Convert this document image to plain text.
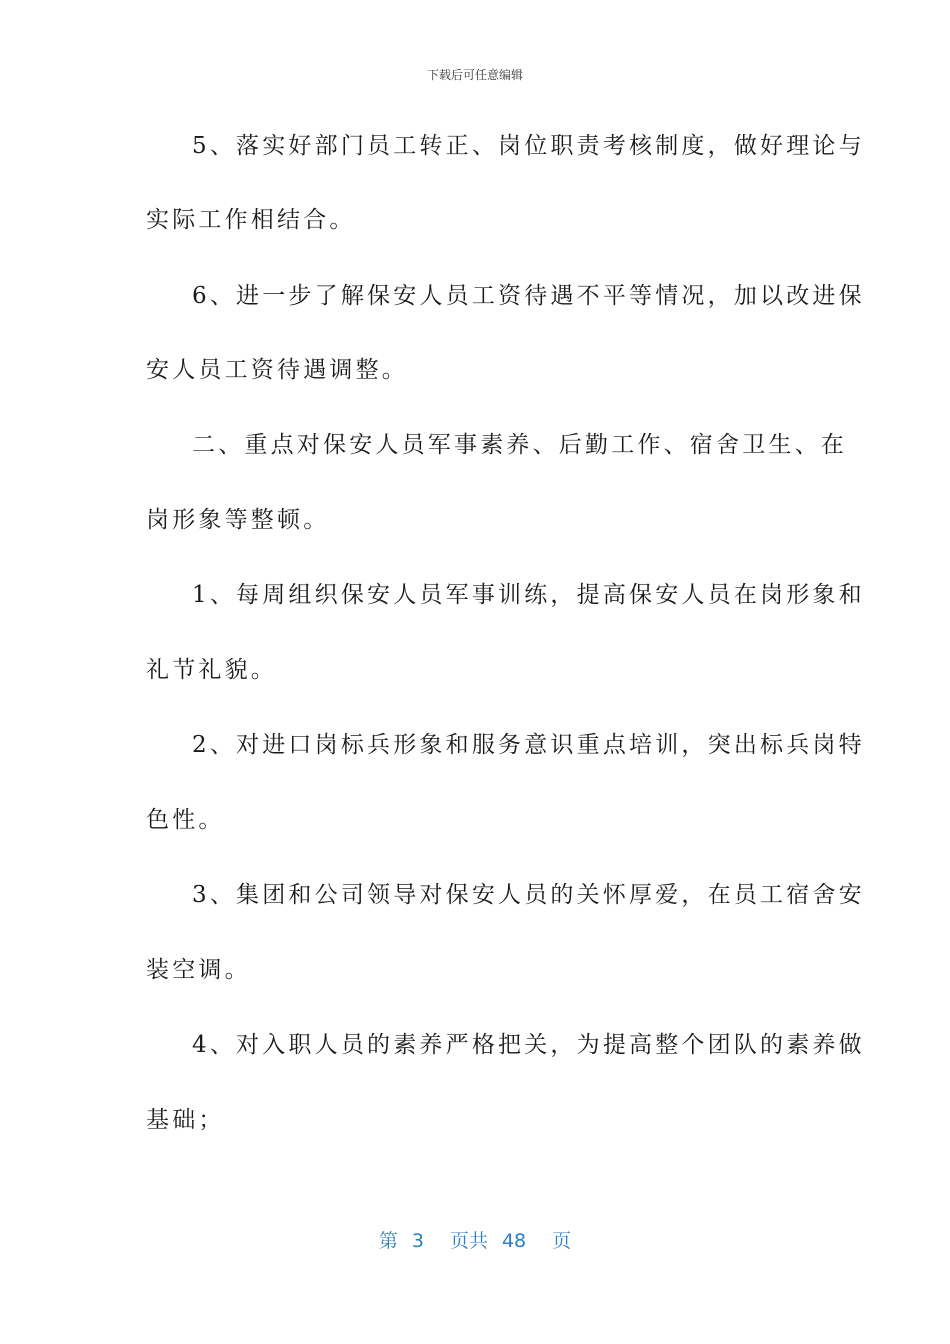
下载后可任意编辑
5、落实好部门员工转正、岗位职责考核制度，做好理论与
实际工作相结合。
6、进一步了解保安人员工资待遇不平等情况，加以改进保
安人员工资待遇调整。
二、重点对保安人员军事素养、后勤工作、宿舍卫生、在
岗形象等整顿。
1、每周组织保安人员军事训练，提高保安人员在岗形象和
礼节礼貌。
2、对进口岗标兵形象和服务意识重点培训，突出标兵岗特
色性。
3、集团和公司领导对保安人员的关怀厚爱，在员工宿舍安
装空调。
4、对入职人员的素养严格把关，为提高整个团队的素养做
基础；
第 3 页共 48 页
